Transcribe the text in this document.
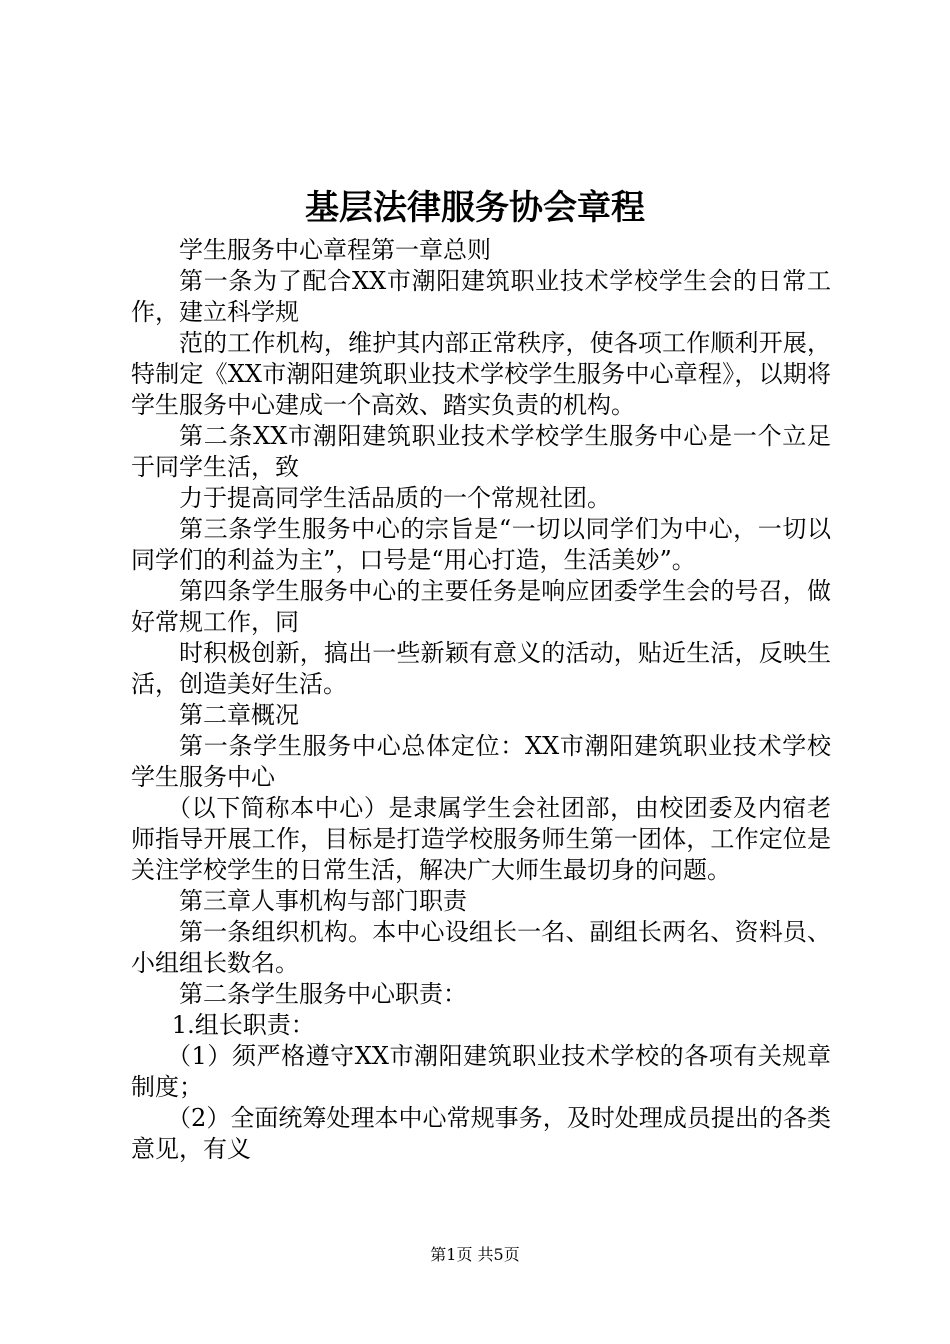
基层法律服务协会章程

学生服务中心章程第一章总则

第一条为了配合XX市潮阳建筑职业技术学校学生会的日常工作，建立科学规

范的工作机构，维护其内部正常秩序，使各项工作顺利开展，特制定《XX市潮阳建筑职业技术学校学生服务中心章程》，以期将学生服务中心建成一个高效、踏实负责的机构。

第二条XX市潮阳建筑职业技术学校学生服务中心是一个立足于同学生活，致

力于提高同学生活品质的一个常规社团。

第三条学生服务中心的宗旨是“一切以同学们为中心，一切以同学们的利益为主”，口号是“用心打造，生活美妙”。

第四条学生服务中心的主要任务是响应团委学生会的号召，做好常规工作，同

时积极创新，搞出一些新颖有意义的活动，贴近生活，反映生活，创造美好生活。

第二章概况

第一条学生服务中心总体定位：XX市潮阳建筑职业技术学校学生服务中心

（以下简称本中心）是隶属学生会社团部，由校团委及内宿老师指导开展工作，目标是打造学校服务师生第一团体，工作定位是关注学校学生的日常生活，解决广大师生最切身的问题。

第三章人事机构与部门职责

第一条组织机构。本中心设组长一名、副组长两名、资料员、小组组长数名。

第二条学生服务中心职责：

1.组长职责：

（1）须严格遵守XX市潮阳建筑职业技术学校的各项有关规章制度；

（2）全面统筹处理本中心常规事务，及时处理成员提出的各类意见，有义

第1页 共5页
